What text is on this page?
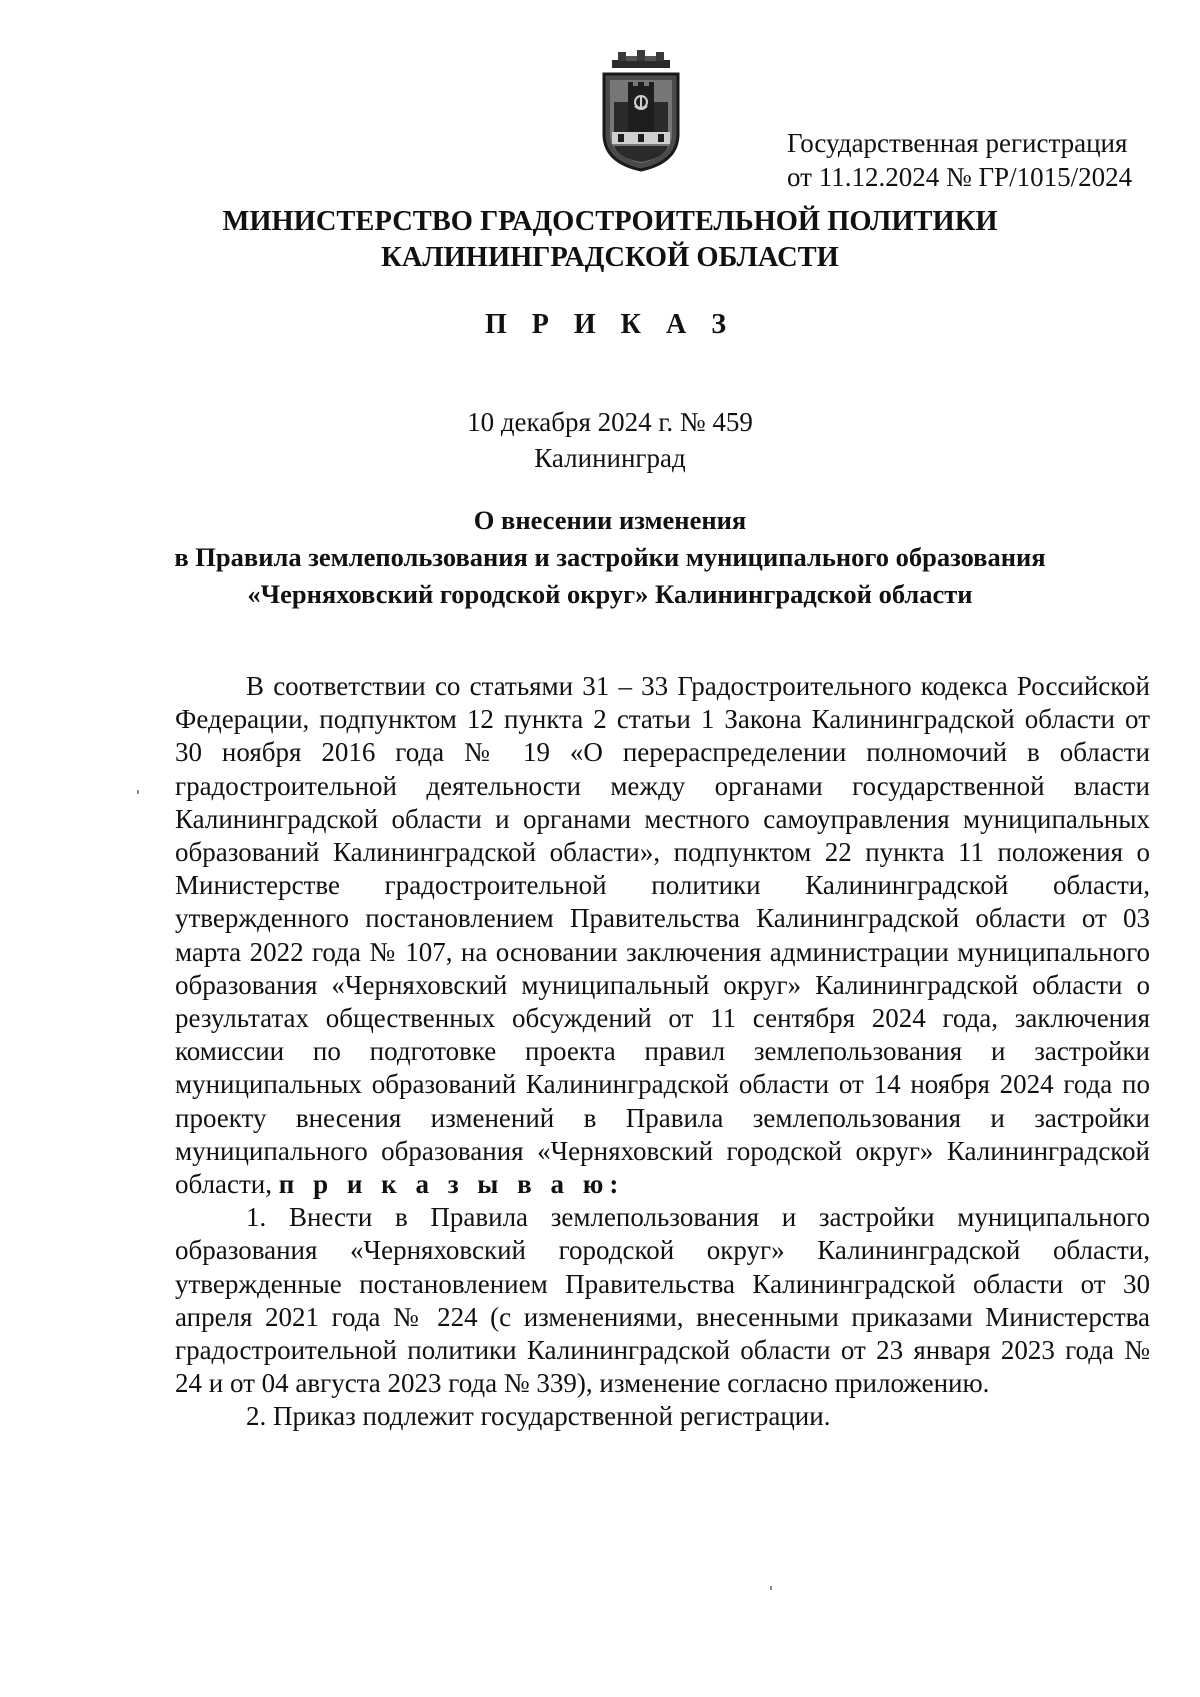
Государственная регистрация
от 11.12.2024 № ГР/1015/2024
МИНИСТЕРСТВО ГРАДОСТРОИТЕЛЬНОЙ ПОЛИТИКИ
КАЛИНИНГРАДСКОЙ ОБЛАСТИ
П Р И К А З
10 декабря 2024 г. № 459
Калининград
О внесении изменения
в Правила землепользования и застройки муниципального образования
«Черняховский городской округ» Калининградской области

В соответствии со статьями 31 – 33 Градостроительного кодекса Российской Федерации, подпунктом 12 пункта 2 статьи 1 Закона Калининградской области от 30 ноября 2016 года № 19 «О перераспределении полномочий в области градостроительной деятельности между органами государственной власти Калининградской области и органами местного самоуправления муниципальных образований Калининградской области», подпунктом 22 пункта 11 положения о Министерстве градостроительной политики Калининградской области, утвержденного постановлением Правительства Калининградской области от 03 марта 2022 года № 107, на основании заключения администрации муниципального образования «Черняховский муниципальный округ» Калининградской области о результатах общественных обсуждений от 11 сентября 2024 года, заключения комиссии по подготовке проекта правил землепользования и застройки муниципальных образований Калининградской области от 14 ноября 2024 года по проекту внесения изменений в Правила землепользования и застройки муниципального образования «Черняховский городской округ» Калининградской области, п р и к а з ы в а ю:

1. Внести в Правила землепользования и застройки муниципального образования «Черняховский городской округ» Калининградской области, утвержденные постановлением Правительства Калининградской области от 30 апреля 2021 года № 224 (с изменениями, внесенными приказами Министерства градостроительной политики Калининградской области от 23 января 2023 года № 24 и от 04 августа 2023 года № 339), изменение согласно приложению.

2. Приказ подлежит государственной регистрации.
